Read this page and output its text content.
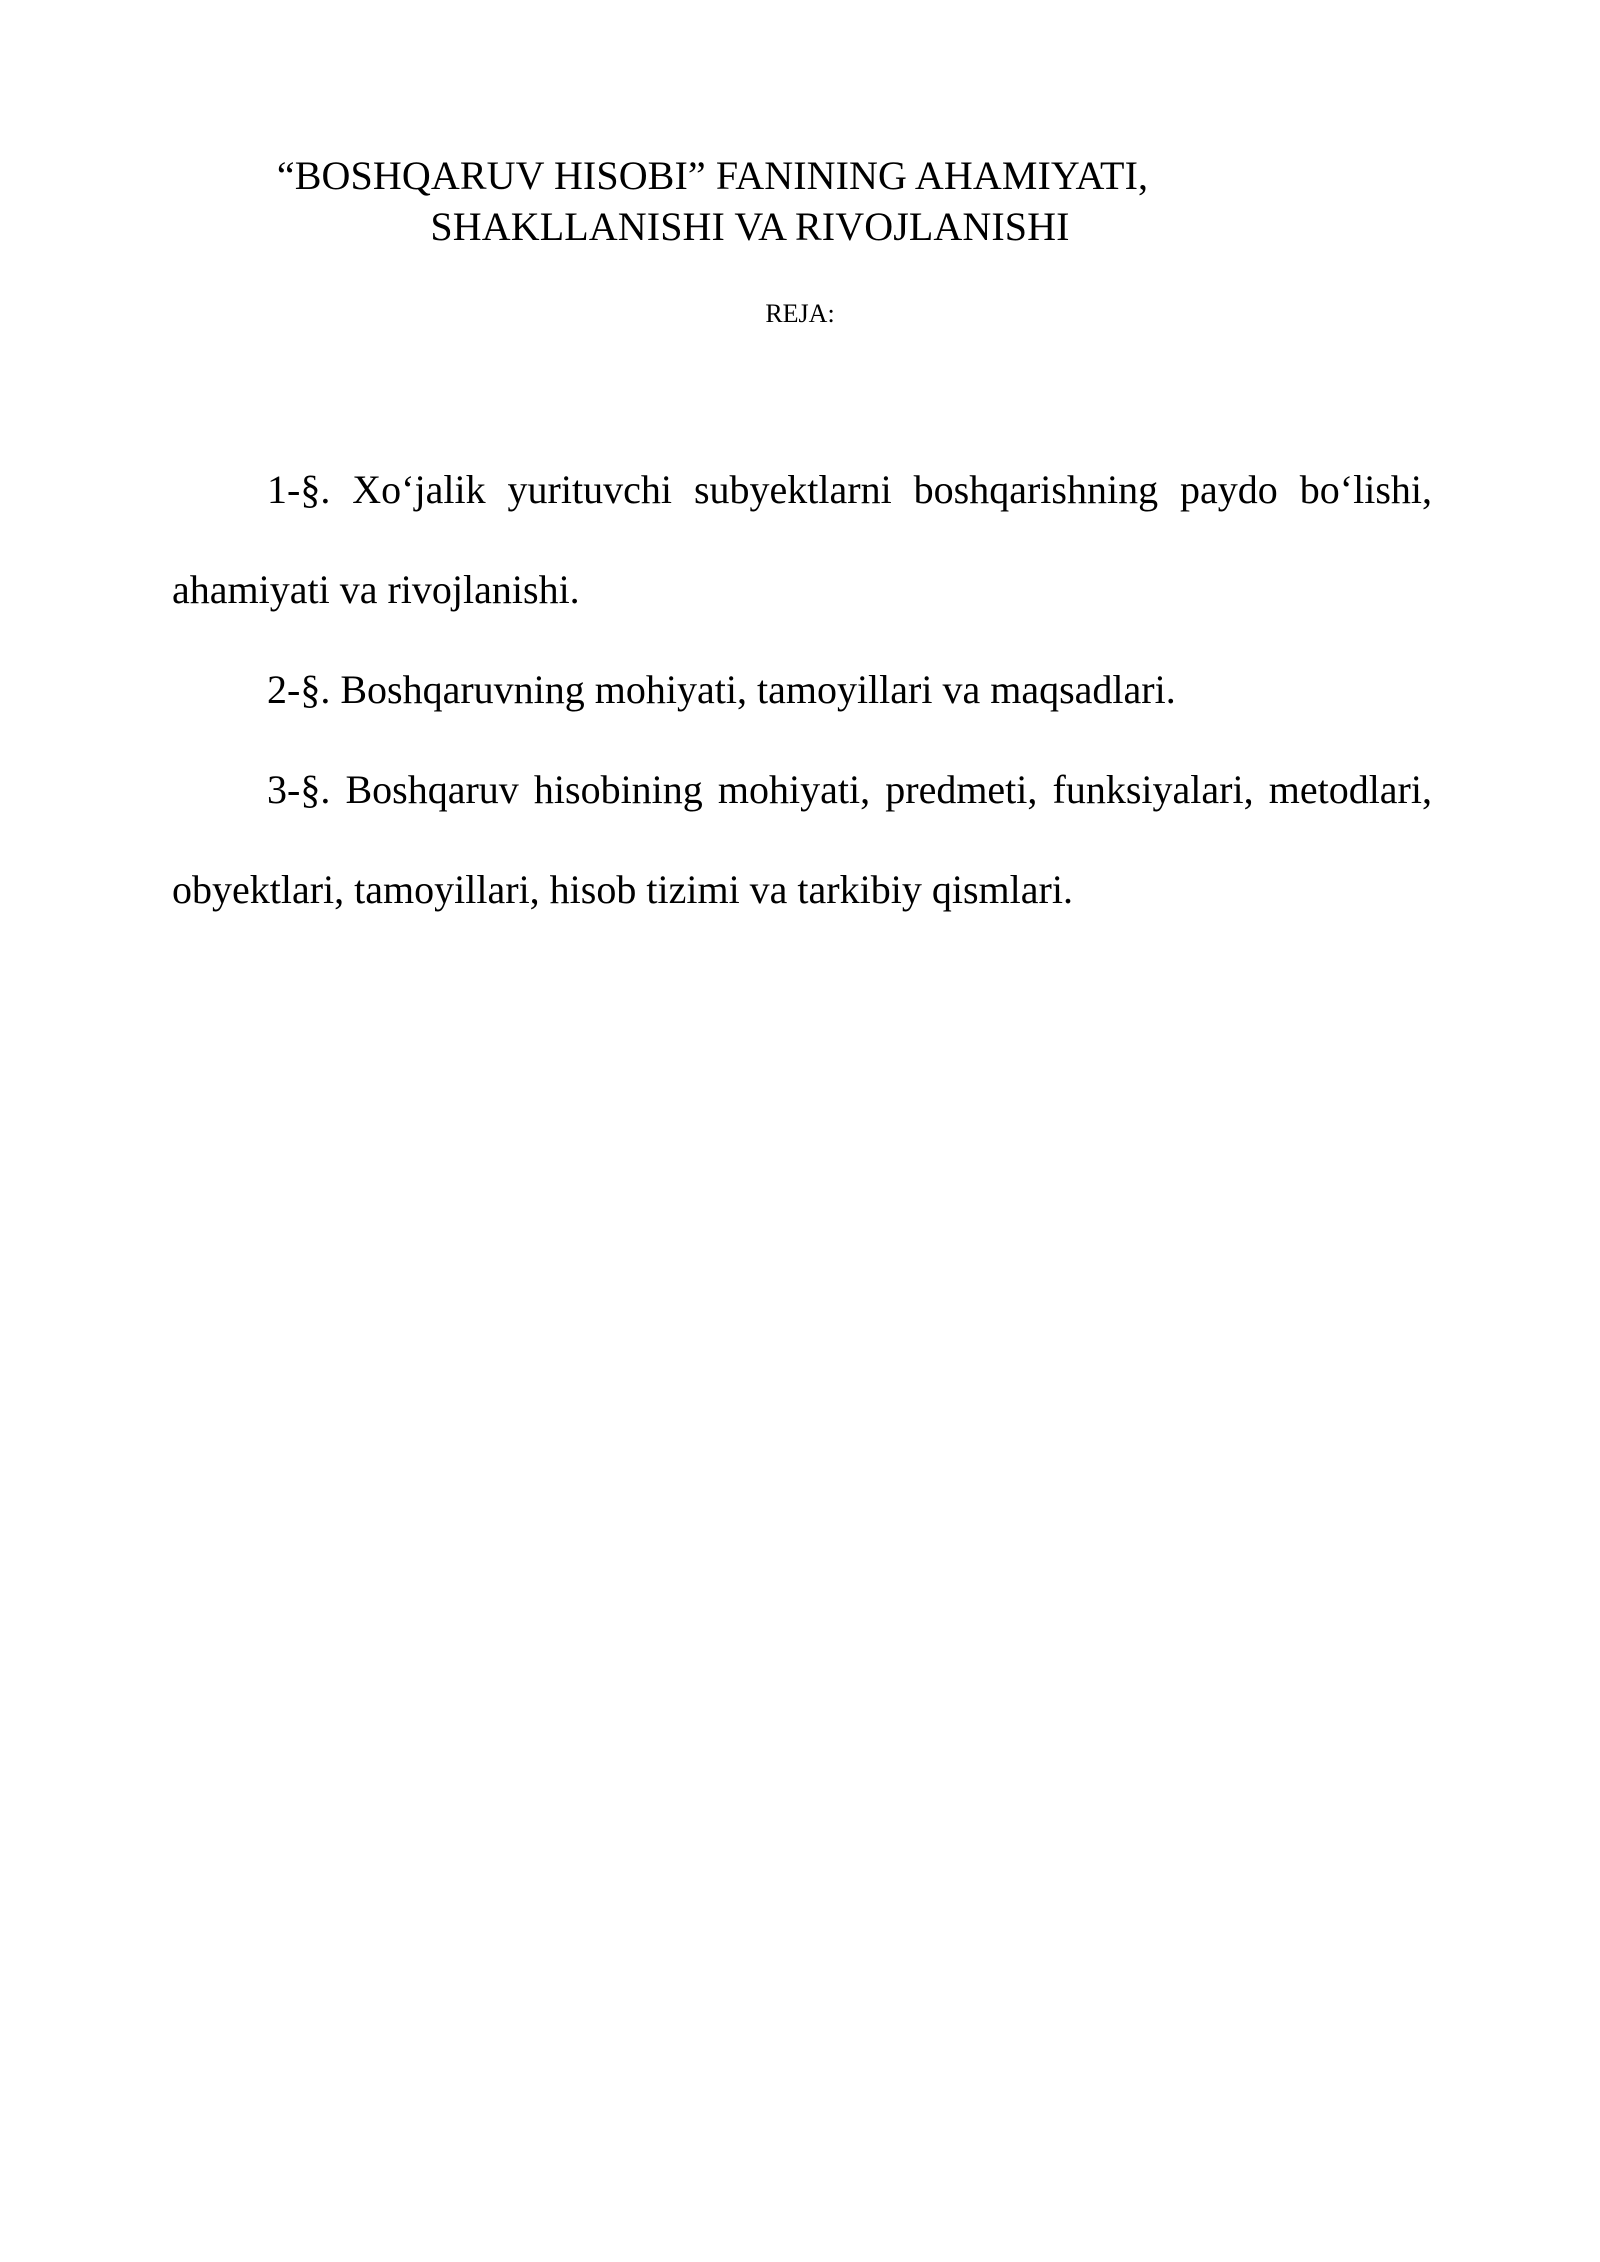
“BOSHQARUV HISOBI” FANINING AHAMIYATI,
SHAKLLANISHI VA RIVOJLANISHI
REJA:

1-§. Xo‘jalik yurituvchi subyektlarni boshqarishning paydo bo‘lishi, ahamiyati va rivojlanishi.

2-§. Boshqaruvning mohiyati, tamoyillari va maqsadlari.

3-§. Boshqaruv hisobining mohiyati, predmeti, funksiyalari, metodlari, obyektlari, tamoyillari, hisob tizimi va tarkibiy qismlari.
